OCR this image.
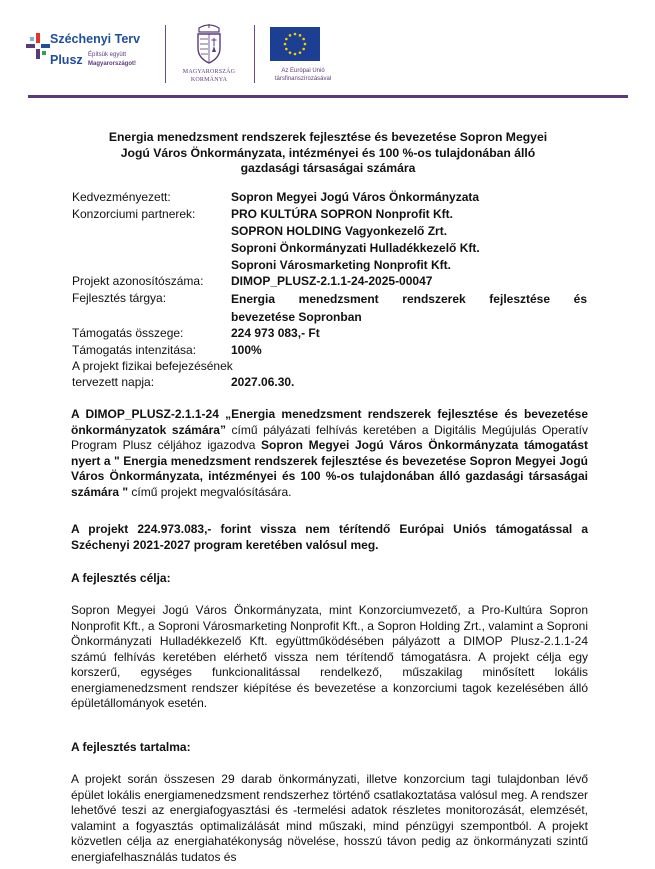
Széchenyi Terv
Plusz Építsük együtt
Magyarországot!
MAGYARORSZÁG
KORMÁNYA
Az Európai Unió
társfinanszírozásával
Energia menedzsment rendszerek fejlesztése és bevezetése Sopron Megyei
Jogú Város Önkormányzata, intézményei és 100 %-os tulajdonában álló
gazdasági társaságai számára
Kedvezményezett:	Sopron Megyei Jogú Város Önkormányzata
Konzorciumi partnerek:	PRO KULTÚRA SOPRON Nonprofit Kft.
SOPRON HOLDING Vagyonkezelő Zrt.
Soproni Önkormányzati Hulladékkezelő Kft.
Soproni Városmarketing Nonprofit Kft.
Projekt azonosítószáma: DIMOP_PLUSZ-2.1.1-24-2025-00047
Fejlesztés tárgya:	Energia menedzsment rendszerek fejlesztése és
bevezetése Sopronban
Támogatás összege:	224 973 083,- Ft
Támogatás intenzitása:	100%
A projekt fizikai befejezésének
tervezett napja:	2027.06.30.
A DIMOP_PLUSZ-2.1.1-24 „Energia menedzsment rendszerek fejlesztése és bevezetése önkormányzatok számára” című pályázati felhívás keretében a Digitális Megújulás Operatív Program Plusz céljához igazodva Sopron Megyei Jogú Város Önkormányzata támogatást nyert a " Energia menedzsment rendszerek fejlesztése és bevezetése Sopron Megyei Jogú Város Önkormányzata, intézményei és 100 %-os tulajdonában álló gazdasági társaságai számára " című projekt megvalósítására.
A projekt 224.973.083,- forint vissza nem térítendő Európai Uniós támogatással a Széchenyi 2021-2027 program keretében valósul meg.
A fejlesztés célja:
Sopron Megyei Jogú Város Önkormányzata, mint Konzorciumvezető, a Pro-Kultúra Sopron Nonprofit Kft., a Soproni Városmarketing Nonprofit Kft., a Sopron Holding Zrt., valamint a Soproni Önkormányzati Hulladékkezelő Kft. együttműködésében pályázott a DIMOP Plusz-2.1.1-24 számú felhívás keretében elérhető vissza nem térítendő támogatásra. A projekt célja egy korszerű, egységes funkcionalitással rendelkező, műszakilag minősített lokális energiamenedzsment rendszer kiépítése és bevezetése a konzorciumi tagok kezelésében álló épületállományok esetén.
A fejlesztés tartalma:
A projekt során összesen 29 darab önkormányzati, illetve konzorcium tagi tulajdonban lévő épület lokális energiamenedzsment rendszerhez történő csatlakoztatása valósul meg. A rendszer lehetővé teszi az energiafogyasztási és -termelési adatok részletes monitorozását, elemzését, valamint a fogyasztás optimalizálását mind műszaki, mind pénzügyi szempontból. A projekt közvetlen célja az energiahatékonyság növelése, hosszú távon pedig az önkormányzati szintű energiafelhasználás tudatos és
